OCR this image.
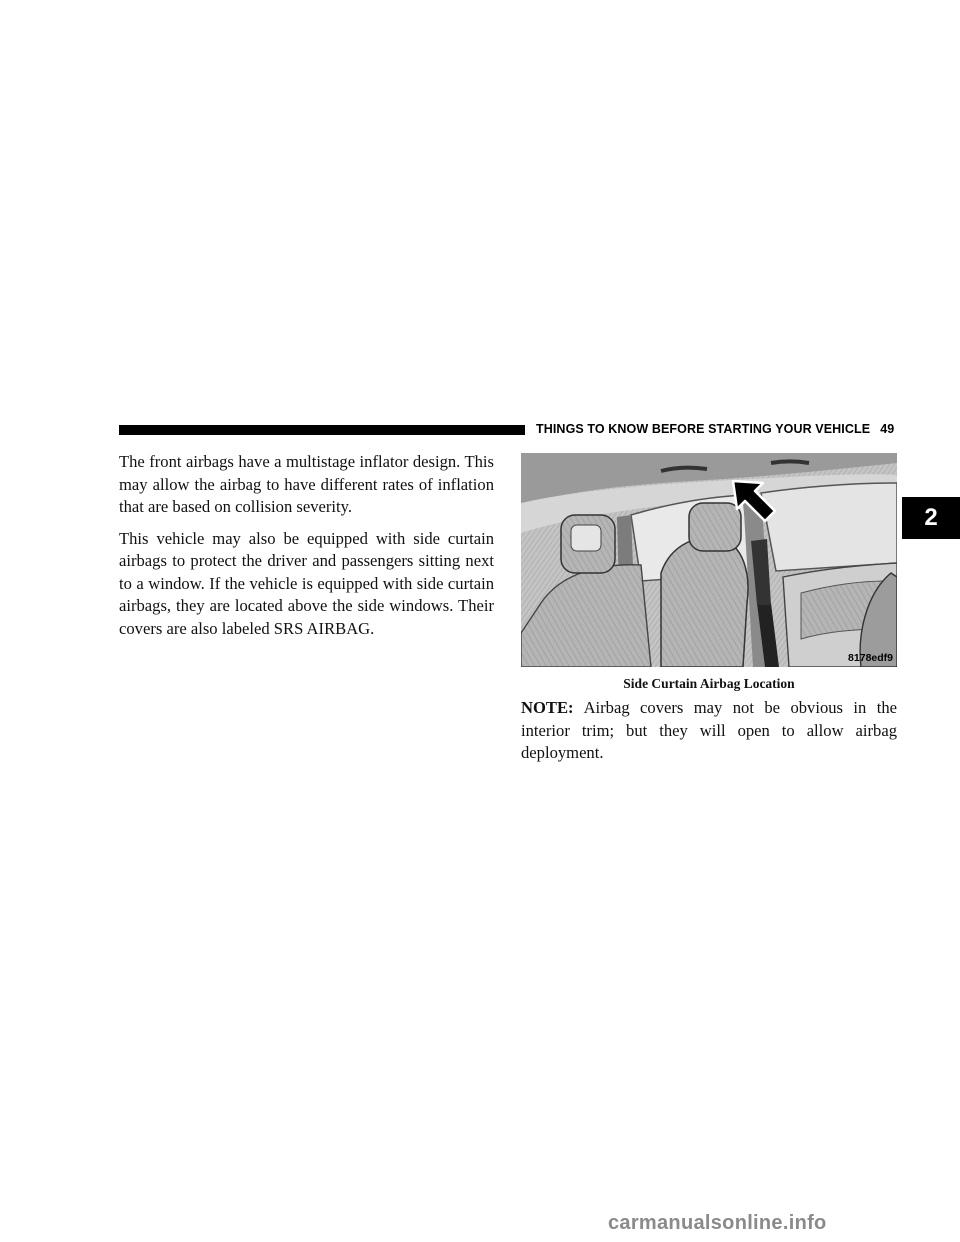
THINGS TO KNOW BEFORE STARTING YOUR VEHICLE 49
2

The front airbags have a multistage inflator design. This may allow the airbag to have different rates of inflation that are based on collision severity.

This vehicle may also be equipped with side curtain airbags to protect the driver and passengers sitting next to a window. If the vehicle is equipped with side curtain airbags, they are located above the side windows. Their covers are also labeled SRS AIRBAG.

8178edf9
Side Curtain Airbag Location

NOTE: Airbag covers may not be obvious in the interior trim; but they will open to allow airbag deployment.

carmanualsonline.info
